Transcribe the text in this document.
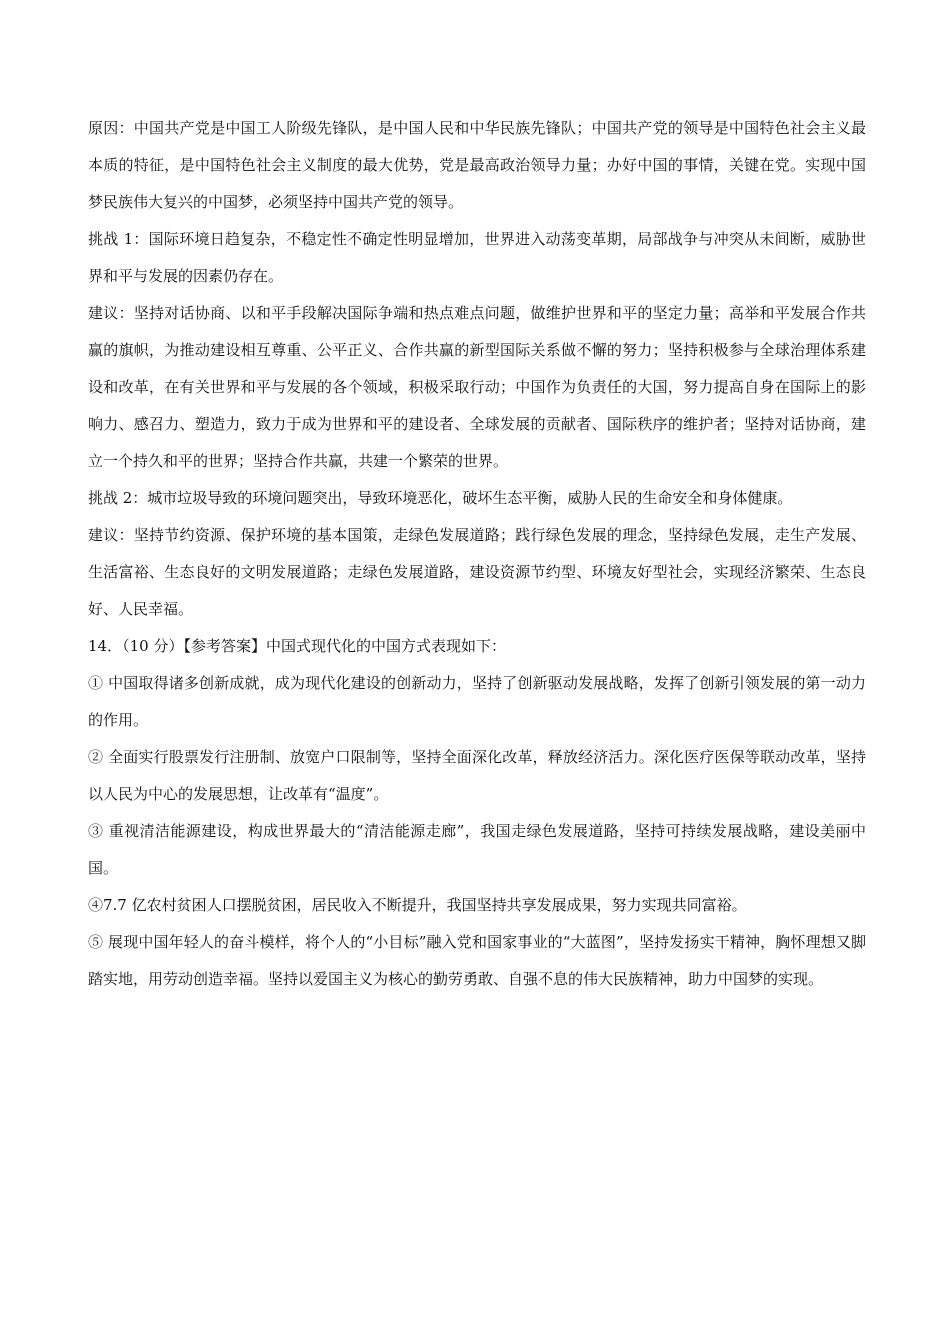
原因：中国共产党是中国工人阶级先锋队，是中国人民和中华民族先锋队；中国共产党的领导是中国特色社会主义最本质的特征，是中国特色社会主义制度的最大优势，党是最高政治领导力量；办好中国的事情，关键在党。实现中国梦民族伟大复兴的中国梦，必须坚持中国共产党的领导。

挑战 1：国际环境日趋复杂，不稳定性不确定性明显增加，世界进入动荡变革期，局部战争与冲突从未间断，威胁世界和平与发展的因素仍存在。

建议：坚持对话协商、以和平手段解决国际争端和热点难点问题，做维护世界和平的坚定力量；高举和平发展合作共赢的旗帜，为推动建设相互尊重、公平正义、合作共赢的新型国际关系做不懈的努力；坚持积极参与全球治理体系建设和改革，在有关世界和平与发展的各个领域，积极采取行动；中国作为负责任的大国，努力提高自身在国际上的影响力、感召力、塑造力，致力于成为世界和平的建设者、全球发展的贡献者、国际秩序的维护者；坚持对话协商，建立一个持久和平的世界；坚持合作共赢，共建一个繁荣的世界。

挑战 2：城市垃圾导致的环境问题突出，导致环境恶化，破坏生态平衡，威胁人民的生命安全和身体健康。

建议：坚持节约资源、保护环境的基本国策，走绿色发展道路；践行绿色发展的理念，坚持绿色发展，走生产发展、生活富裕、生态良好的文明发展道路；走绿色发展道路，建设资源节约型、环境友好型社会，实现经济繁荣、生态良好、人民幸福。

14．（10 分）【参考答案】中国式现代化的中国方式表现如下：

① 中国取得诸多创新成就，成为现代化建设的创新动力，坚持了创新驱动发展战略，发挥了创新引领发展的第一动力的作用。

② 全面实行股票发行注册制、放宽户口限制等，坚持全面深化改革，释放经济活力。深化医疗医保等联动改革，坚持以人民为中心的发展思想，让改革有“温度”。

③ 重视清洁能源建设，构成世界最大的“清洁能源走廊”，我国走绿色发展道路，坚持可持续发展战略，建设美丽中国。

④7.7 亿农村贫困人口摆脱贫困，居民收入不断提升，我国坚持共享发展成果，努力实现共同富裕。

⑤ 展现中国年轻人的奋斗模样，将个人的“小目标”融入党和国家事业的“大蓝图”，坚持发扬实干精神，胸怀理想又脚踏实地，用劳动创造幸福。坚持以爱国主义为核心的勤劳勇敢、自强不息的伟大民族精神，助力中国梦的实现。
